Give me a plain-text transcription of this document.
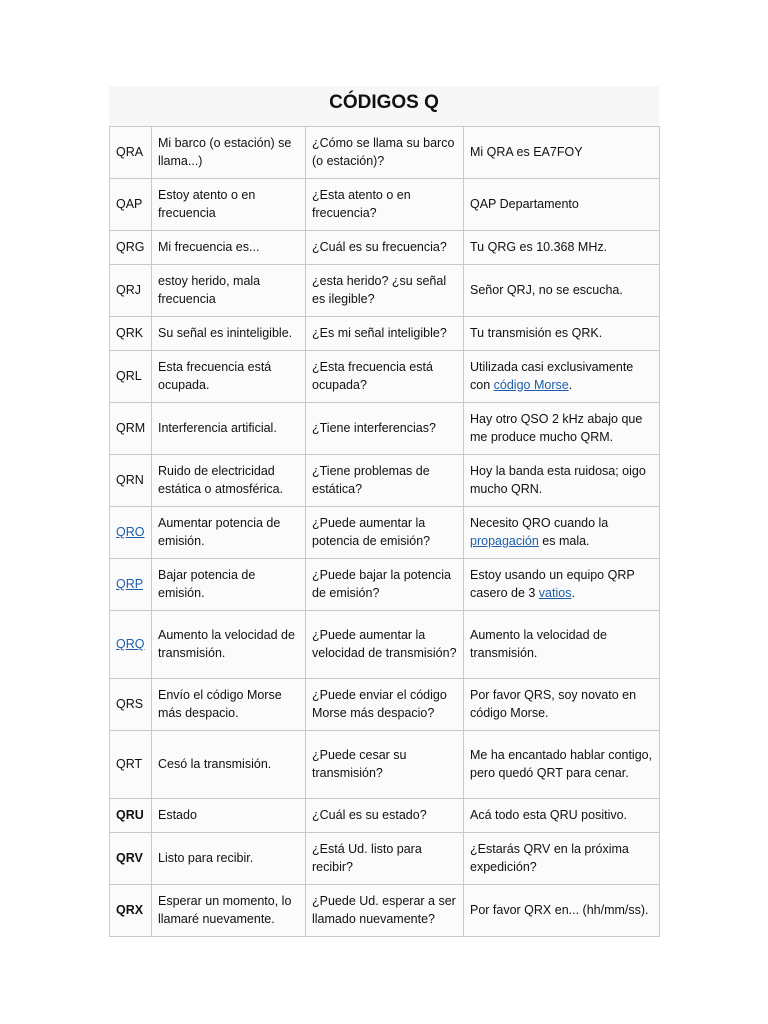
CÓDIGOS Q
QRA	Mi barco (o estación) se llama...)	¿Cómo se llama su barco (o estación)?	Mi QRA es EA7FOY
QAP	Estoy atento o en frecuencia	¿Esta atento o en frecuencia?	QAP Departamento
QRG	Mi frecuencia es...	¿Cuál es su frecuencia?	Tu QRG es 10.368 MHz.
QRJ	estoy herido, mala frecuencia	¿esta herido? ¿su señal es ilegible?	Señor QRJ, no se escucha.
QRK	Su señal es ininteligible.	¿Es mi señal inteligible?	Tu transmisión es QRK.
QRL	Esta frecuencia está ocupada.	¿Esta frecuencia está ocupada?	Utilizada casi exclusivamente con código Morse.
QRM	Interferencia artificial.	¿Tiene interferencias?	Hay otro QSO 2 kHz abajo que me produce mucho QRM.
QRN	Ruido de electricidad estática o atmosférica.	¿Tiene problemas de estática?	Hoy la banda esta ruidosa; oigo mucho QRN.
QRO	Aumentar potencia de emisión.	¿Puede aumentar la potencia de emisión?	Necesito QRO cuando la propagación es mala.
QRP	Bajar potencia de emisión.	¿Puede bajar la potencia de emisión?	Estoy usando un equipo QRP casero de 3 vatios.
QRQ	Aumento la velocidad de transmisión.	¿Puede aumentar la velocidad de transmisión?	Aumento la velocidad de transmisión.
QRS	Envío el código Morse más despacio.	¿Puede enviar el código Morse más despacio?	Por favor QRS, soy novato en código Morse.
QRT	Cesó la transmisión.	¿Puede cesar su transmisión?	Me ha encantado hablar contigo, pero quedó QRT para cenar.
QRU	Estado	¿Cuál es su estado?	Acá todo esta QRU positivo.
QRV	Listo para recibir.	¿Está Ud. listo para recibir?	¿Estarás QRV en la próxima expedición?
QRX	Esperar un momento, lo llamaré nuevamente.	¿Puede Ud. esperar a ser llamado nuevamente?	Por favor QRX en... (hh/mm/ss).
